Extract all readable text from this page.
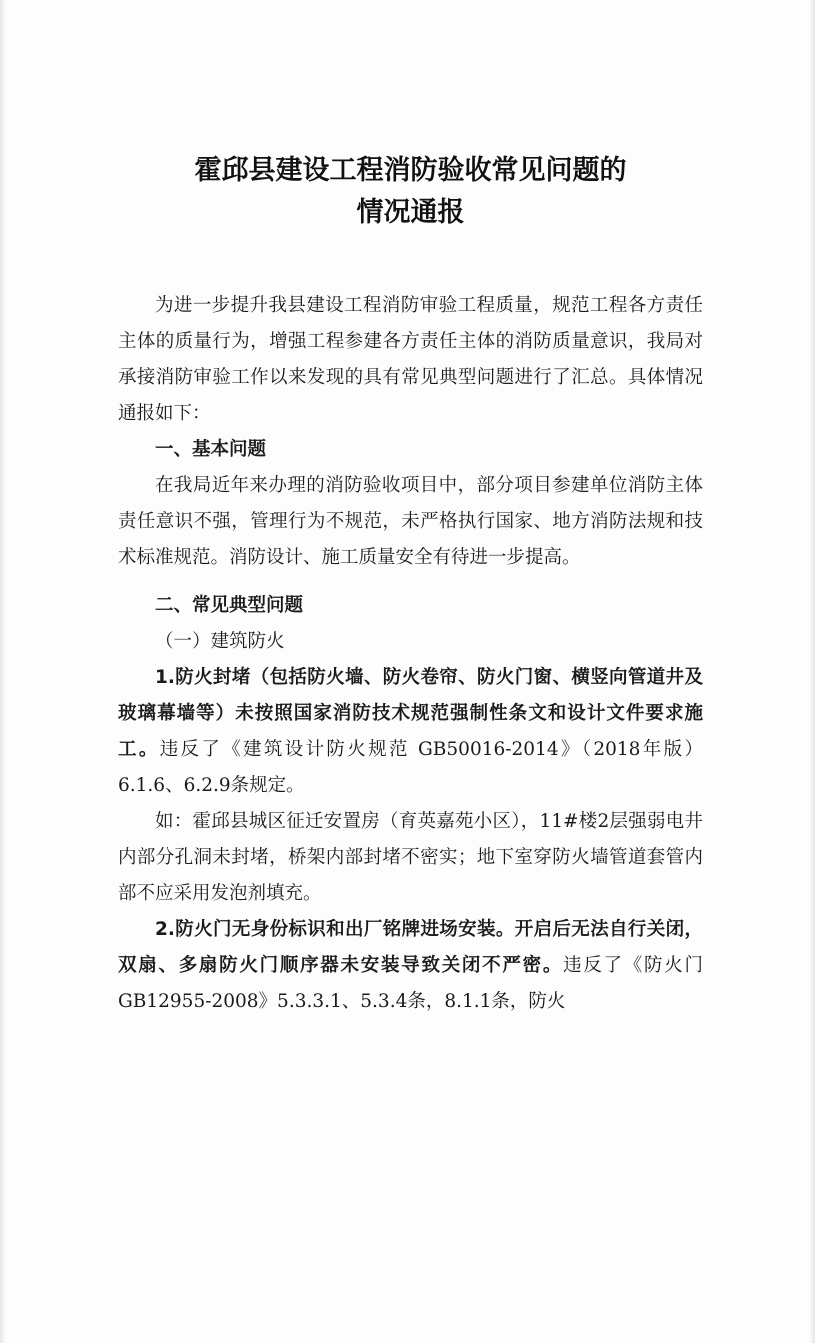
霍邱县建设工程消防验收常见问题的
情况通报

为进一步提升我县建设工程消防审验工程质量，规范工程各方责任主体的质量行为，增强工程参建各方责任主体的消防质量意识，我局对承接消防审验工作以来发现的具有常见典型问题进行了汇总。具体情况通报如下：

一、基本问题

在我局近年来办理的消防验收项目中，部分项目参建单位消防主体责任意识不强，管理行为不规范，未严格执行国家、地方消防法规和技术标准规范。消防设计、施工质量安全有待进一步提高。

二、常见典型问题

（一）建筑防火

1.防火封堵（包括防火墙、防火卷帘、防火门窗、横竖向管道井及玻璃幕墙等）未按照国家消防技术规范强制性条文和设计文件要求施工。违反了《建筑设计防火规范 GB50016-2014》（2018年版）6.1.6、6.2.9条规定。

如：霍邱县城区征迁安置房（育英嘉苑小区），11#楼2层强弱电井内部分孔洞未封堵，桥架内部封堵不密实；地下室穿防火墙管道套管内部不应采用发泡剂填充。

2.防火门无身份标识和出厂铭牌进场安装。开启后无法自行关闭，双扇、多扇防火门顺序器未安装导致关闭不严密。违反了《防火门 GB12955-2008》5.3.3.1、5.3.4条，8.1.1条，防火
